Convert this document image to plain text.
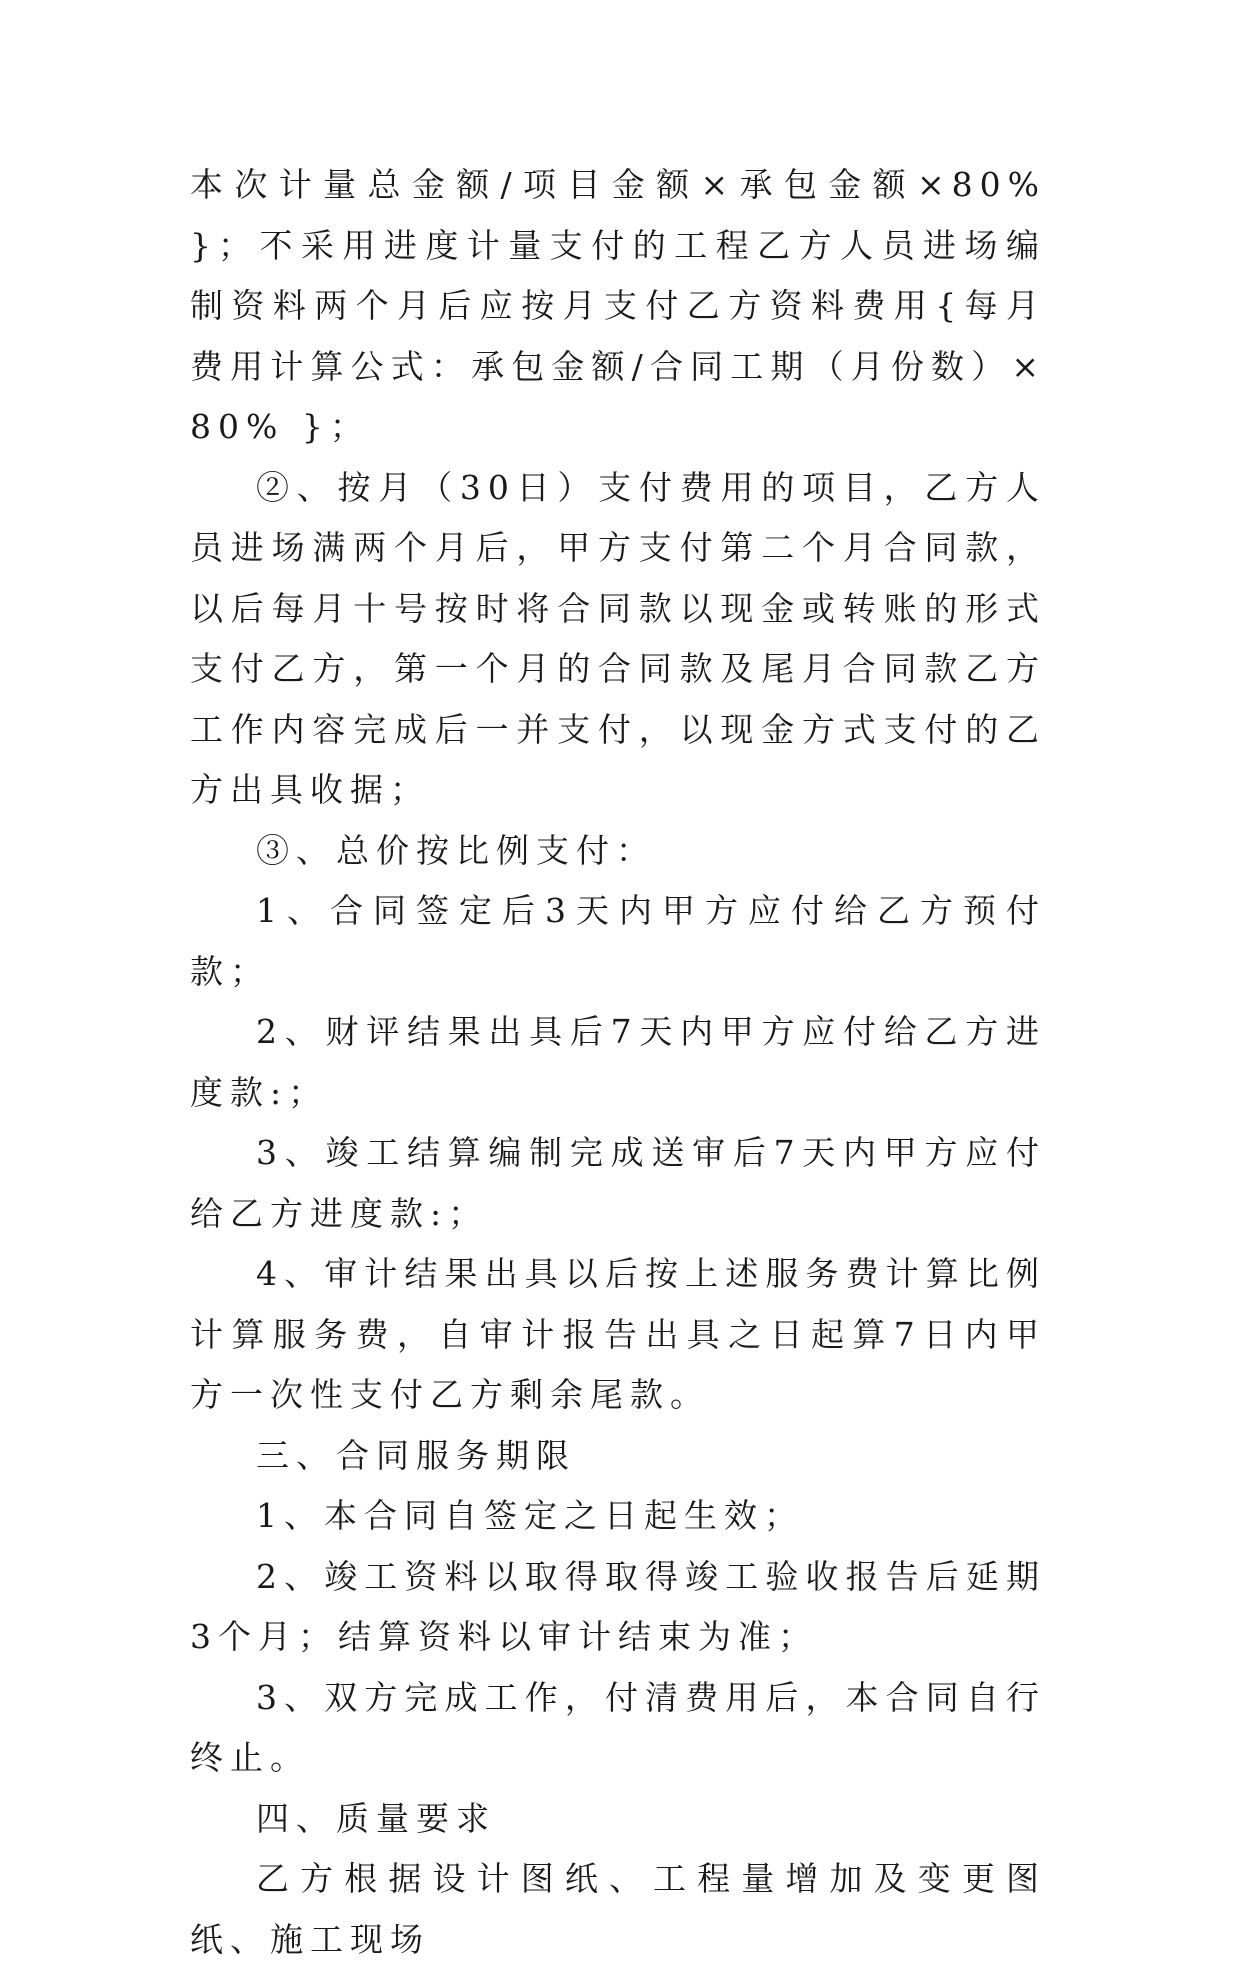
本次计量总金额/项目金额×承包金额×80% }；不采用进度计量支付的工程乙方人员进场编制资料两个月后应按月支付乙方资料费用{每月费用计算公式：承包金额/合同工期（月份数）×80% }；

②、按月（30日）支付费用的项目，乙方人员进场满两个月后，甲方支付第二个月合同款，以后每月十号按时将合同款以现金或转账的形式支付乙方，第一个月的合同款及尾月合同款乙方工作内容完成后一并支付，以现金方式支付的乙方出具收据；

③、总价按比例支付：

1、合同签定后3天内甲方应付给乙方预付款；

2、财评结果出具后7天内甲方应付给乙方进度款:；

3、竣工结算编制完成送审后7天内甲方应付给乙方进度款:；

4、审计结果出具以后按上述服务费计算比例计算服务费，自审计报告出具之日起算7日内甲方一次性支付乙方剩余尾款。

三、合同服务期限

1、本合同自签定之日起生效；

2、竣工资料以取得取得竣工验收报告后延期3个月；结算资料以审计结束为准；

3、双方完成工作，付清费用后，本合同自行终止。

四、质量要求

乙方根据设计图纸、工程量增加及变更图纸、施工现场
